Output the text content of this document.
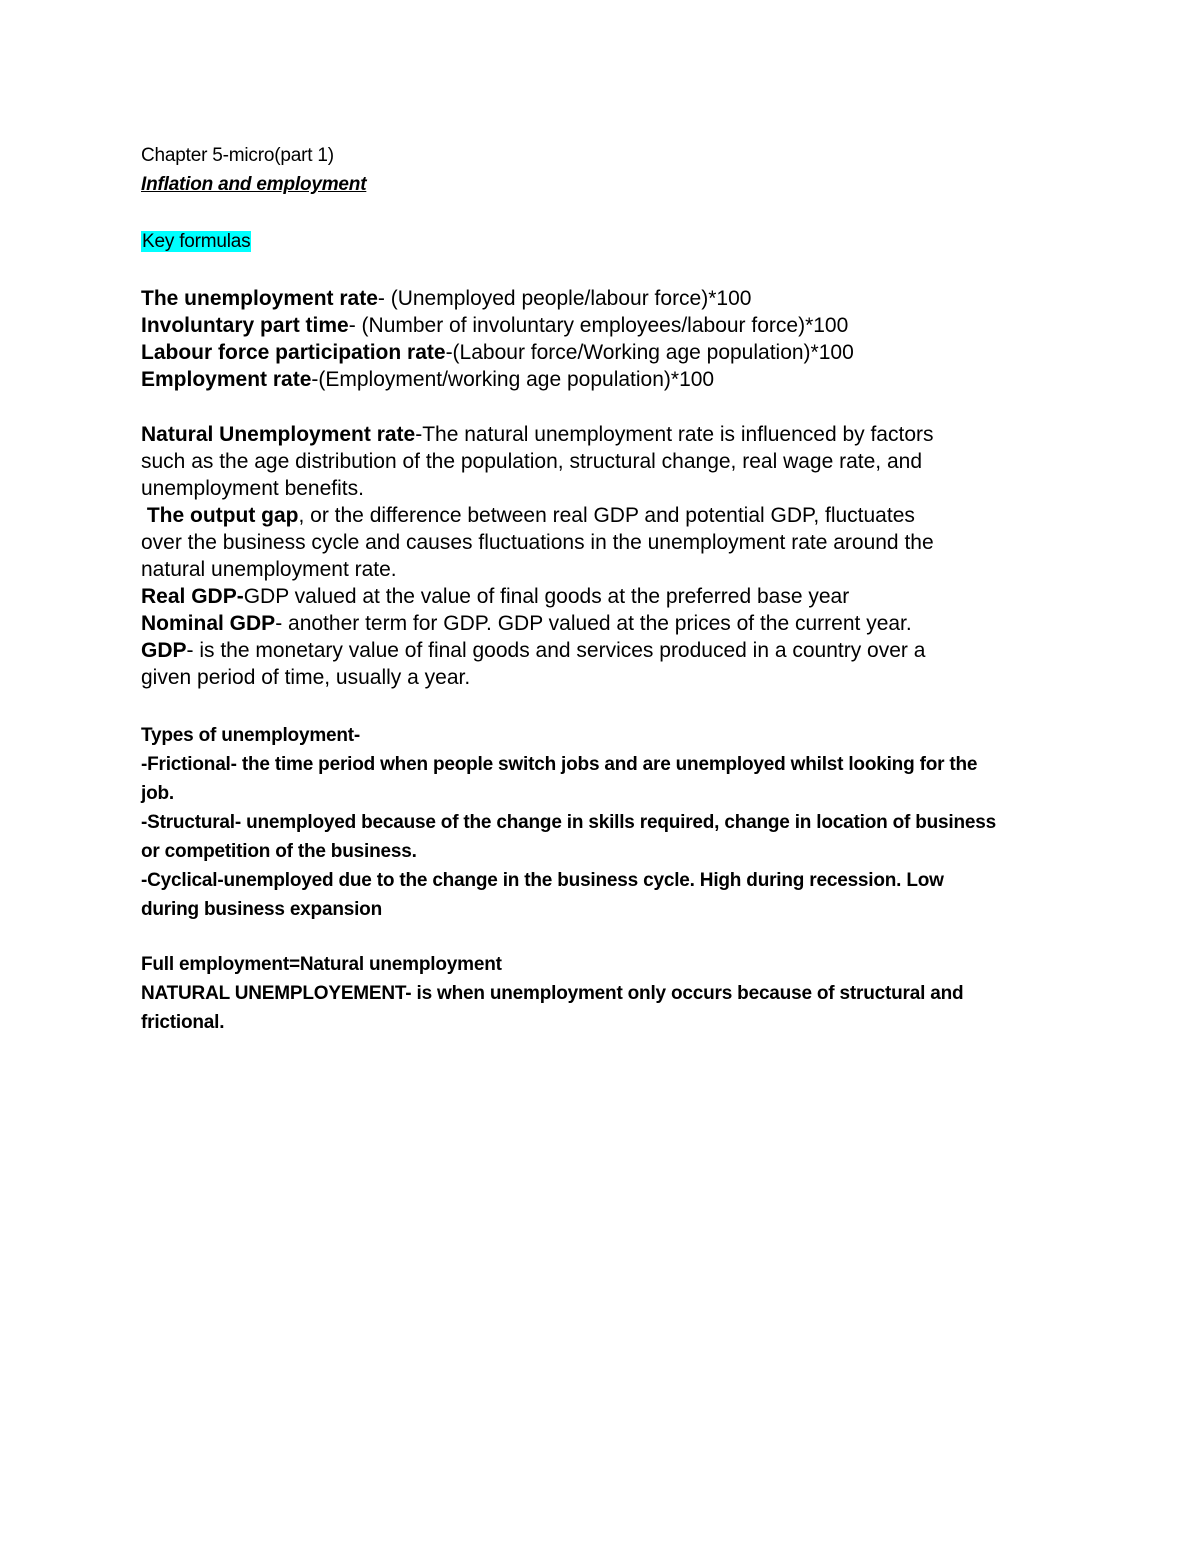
Chapter 5-micro(part 1)
Inflation and employment
Key formulas
The unemployment rate- (Unemployed people/labour force)*100
Involuntary part time- (Number of involuntary employees/labour force)*100
Labour force participation rate-(Labour force/Working age population)*100
Employment rate-(Employment/working age population)*100
Natural Unemployment rate-The natural unemployment rate is influenced by factors
such as the age distribution of the population, structural change, real wage rate, and
unemployment benefits.
The output gap, or the difference between real GDP and potential GDP, fluctuates
over the business cycle and causes fluctuations in the unemployment rate around the
natural unemployment rate.
Real GDP-GDP valued at the value of final goods at the preferred base year
Nominal GDP- another term for GDP. GDP valued at the prices of the current year.
GDP- is the monetary value of final goods and services produced in a country over a
given period of time, usually a year.
Types of unemployment-
-Frictional- the time period when people switch jobs and are unemployed whilst looking for the
job.
-Structural- unemployed because of the change in skills required, change in location of business
or competition of the business.
-Cyclical-unemployed due to the change in the business cycle. High during recession. Low
during business expansion
Full employment=Natural unemployment
NATURAL UNEMPLOYEMENT- is when unemployment only occurs because of structural and
frictional.
